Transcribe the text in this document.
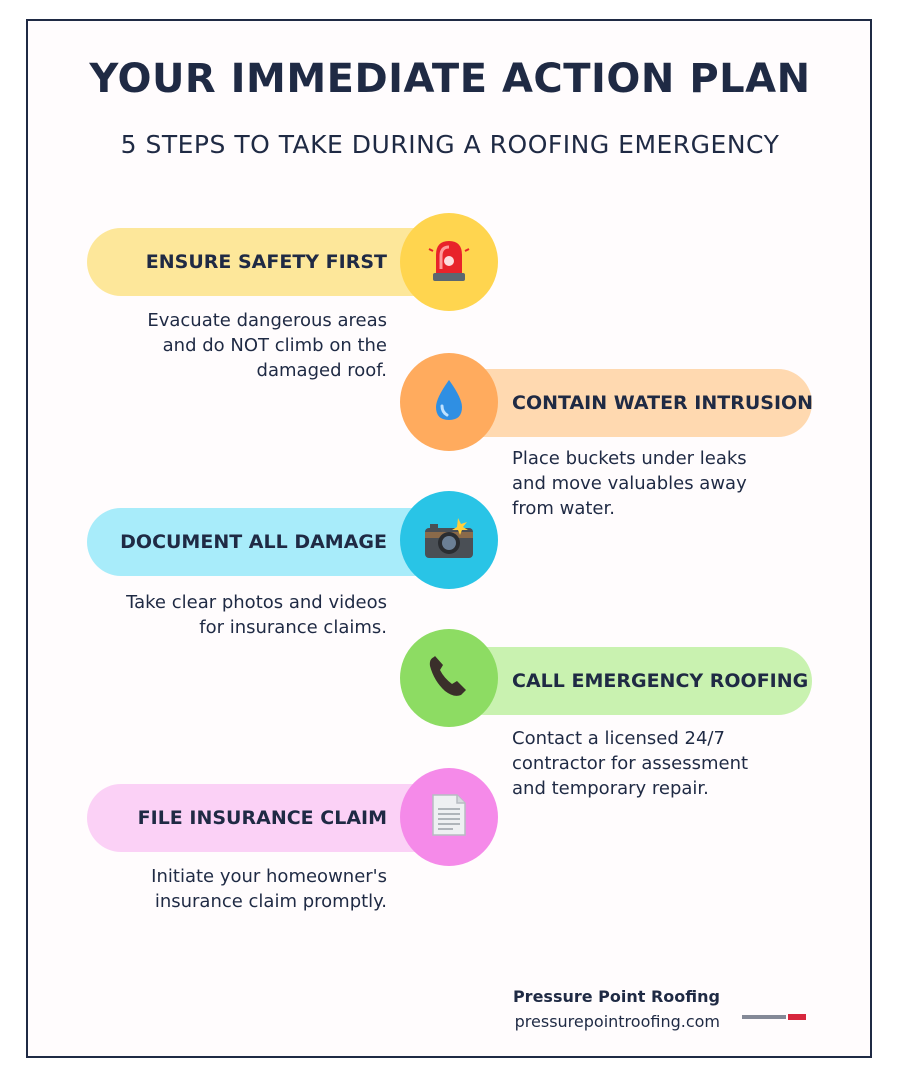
YOUR IMMEDIATE ACTION PLAN
5 STEPS TO TAKE DURING A ROOFING EMERGENCY
ENSURE SAFETY FIRST
Evacuate dangerous areas
and do NOT climb on the
damaged roof.
CONTAIN WATER INTRUSION
Place buckets under leaks
and move valuables away
from water.
DOCUMENT ALL DAMAGE
Take clear photos and videos
for insurance claims.
CALL EMERGENCY ROOFING
Contact a licensed 24/7
contractor for assessment
and temporary repair.
FILE INSURANCE CLAIM
Initiate your homeowner's
insurance claim promptly.
Pressure Point Roofing
pressurepointroofing.com
